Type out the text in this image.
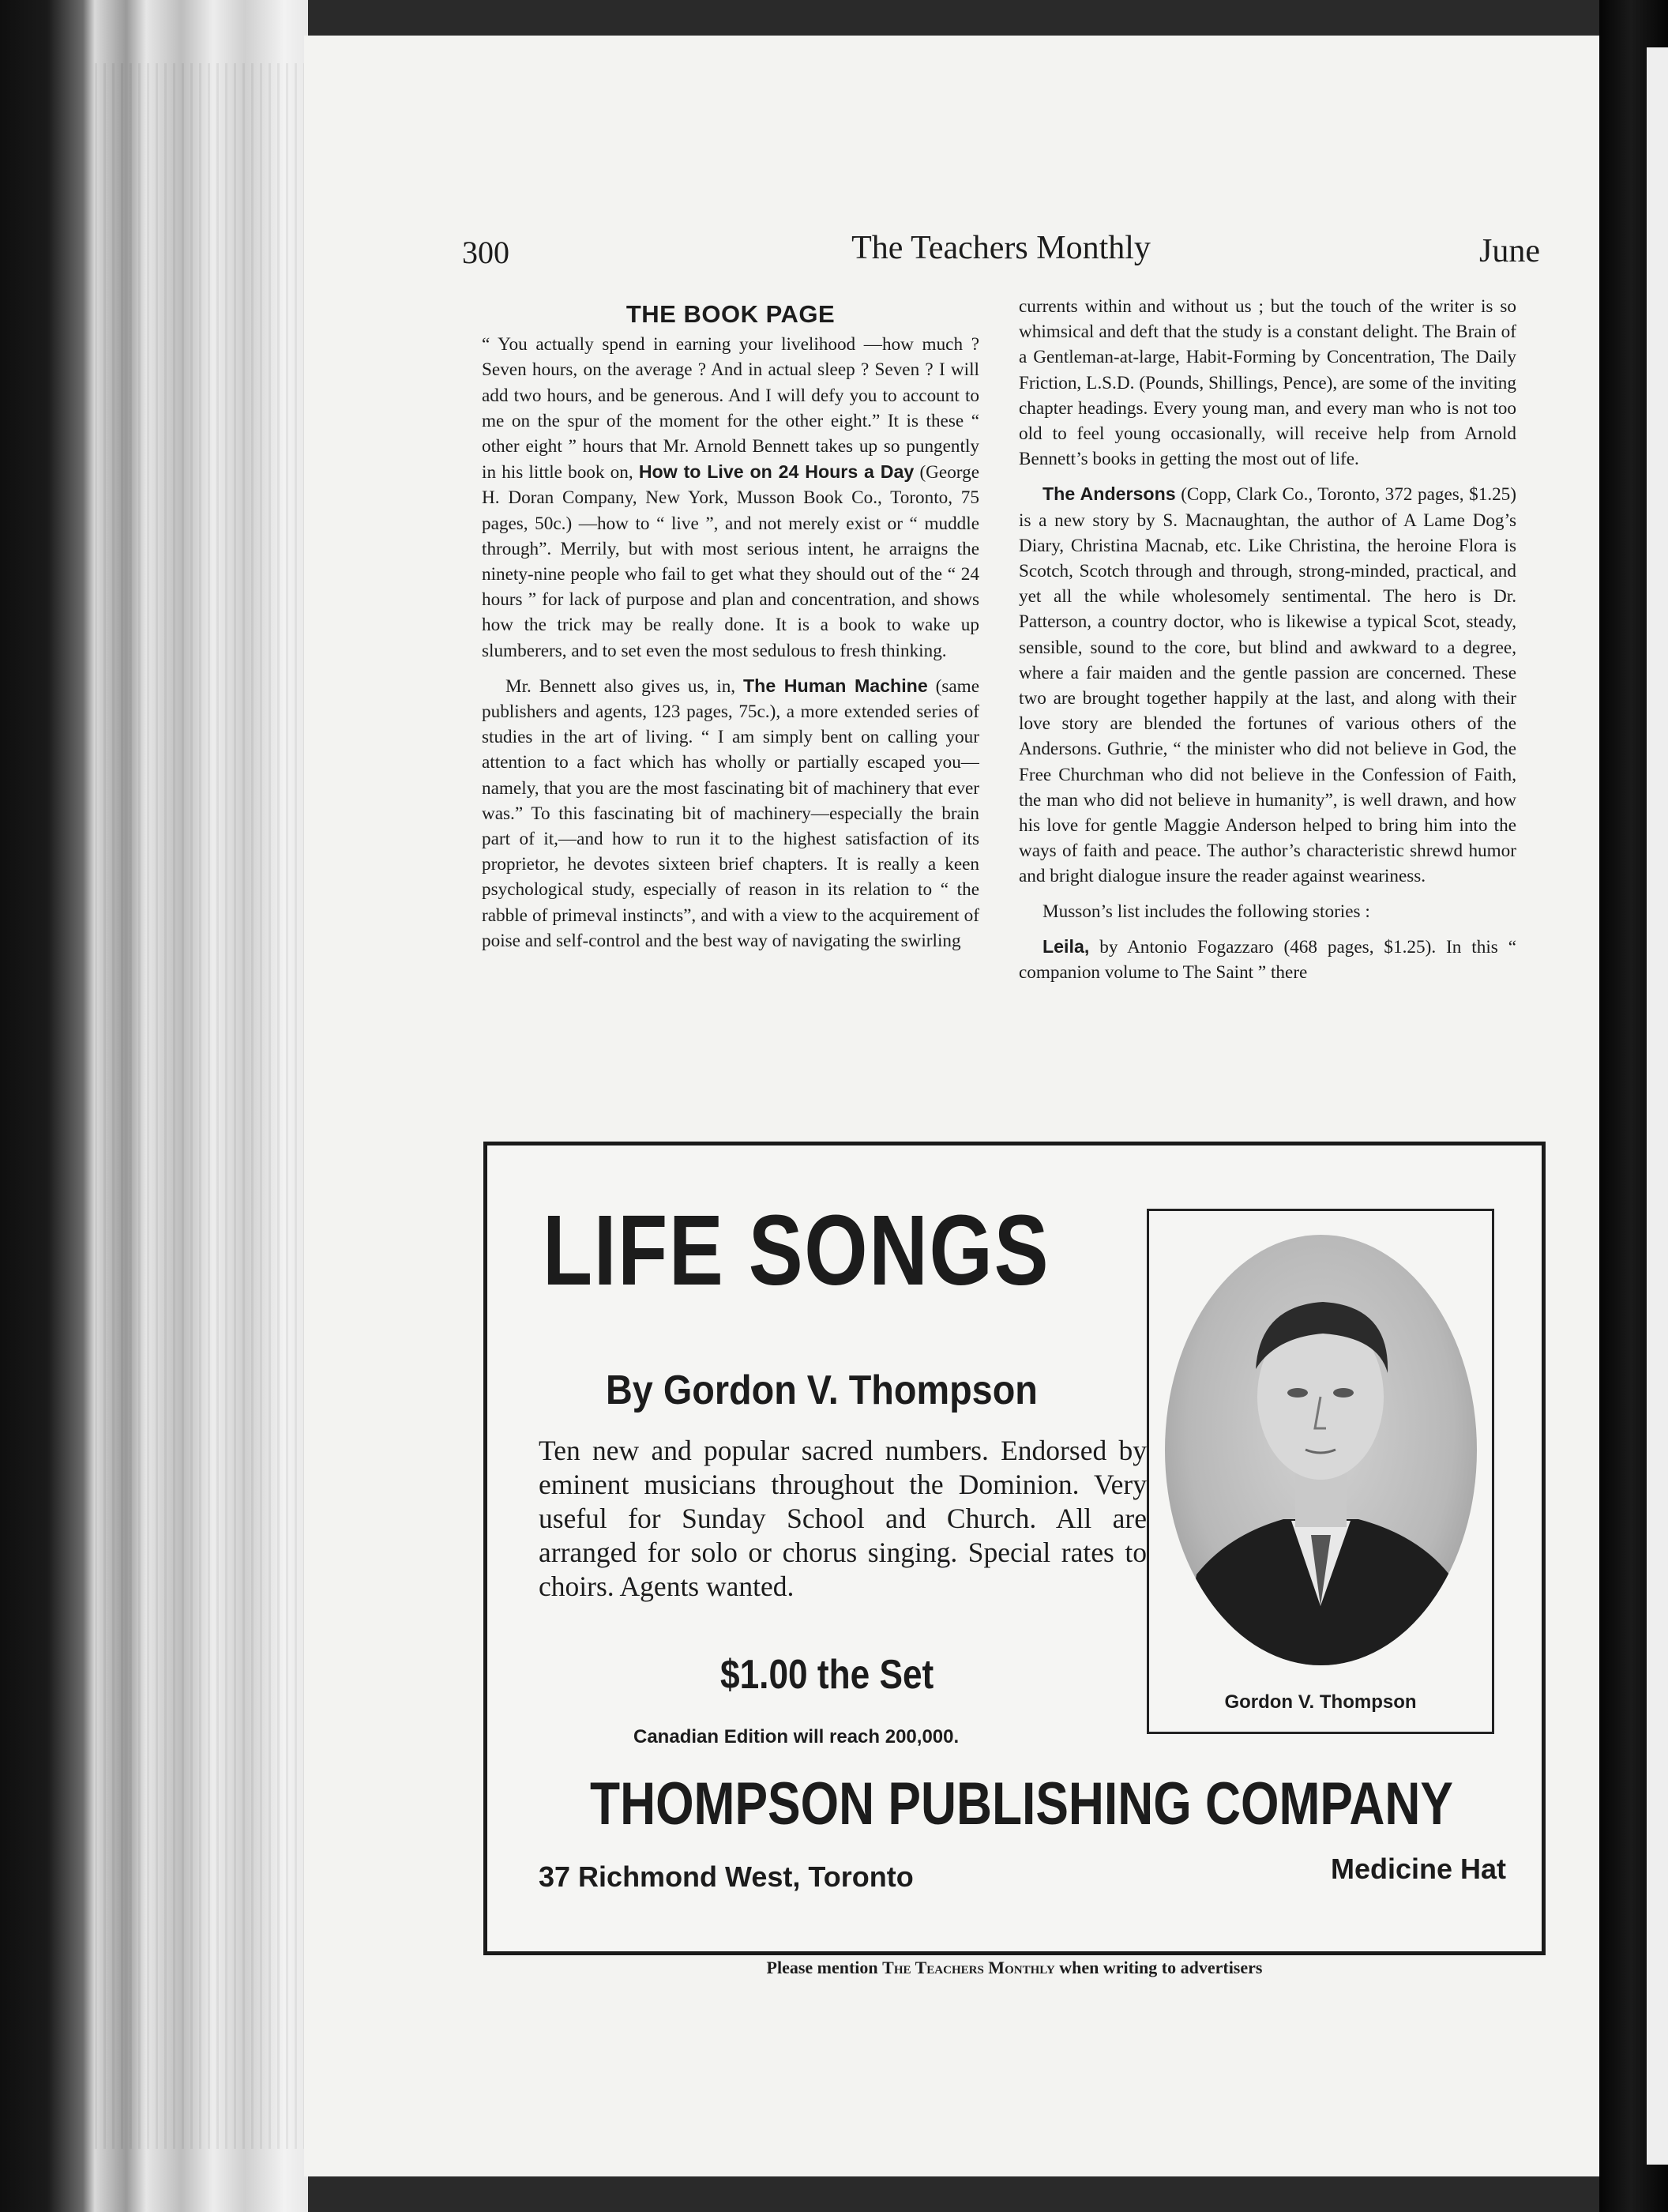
300	The Teachers Monthly	June
THE BOOK PAGE

“ You actually spend in earning your livelihood —how much ? Seven hours, on the average ? And in actual sleep ? Seven ? I will add two hours, and be generous. And I will defy you to account to me on the spur of the moment for the other eight.” It is these “ other eight ” hours that Mr. Arnold Bennett takes up so pungently in his little book on, How to Live on 24 Hours a Day (George H. Doran Company, New York, Musson Book Co., Toronto, 75 pages, 50c.) —how to “ live ”, and not merely exist or “ muddle through”. Merrily, but with most serious intent, he arraigns the ninety-nine people who fail to get what they should out of the “ 24 hours ” for lack of purpose and plan and concentration, and shows how the trick may be really done. It is a book to wake up slumberers, and to set even the most sedulous to fresh thinking.

Mr. Bennett also gives us, in, The Human Machine (same publishers and agents, 123 pages, 75c.), a more extended series of studies in the art of living. “ I am simply bent on calling your attention to a fact which has wholly or partially escaped you—namely, that you are the most fascinating bit of machinery that ever was.” To this fascinating bit of machinery—especially the brain part of it,—and how to run it to the highest satisfaction of its proprietor, he devotes sixteen brief chapters. It is really a keen psychological study, especially of reason in its relation to “ the rabble of primeval instincts”, and with a view to the acquirement of poise and self-control and the best way of navigating the swirling

currents within and without us ; but the touch of the writer is so whimsical and deft that the study is a constant delight. The Brain of a Gentleman-at-large, Habit-Forming by Concentration, The Daily Friction, L.S.D. (Pounds, Shillings, Pence), are some of the inviting chapter headings. Every young man, and every man who is not too old to feel young occasionally, will receive help from Arnold Bennett’s books in getting the most out of life.

The Andersons (Copp, Clark Co., Toronto, 372 pages, $1.25) is a new story by S. Macnaughtan, the author of A Lame Dog’s Diary, Christina Macnab, etc. Like Christina, the heroine Flora is Scotch, Scotch through and through, strong-minded, practical, and yet all the while wholesomely sentimental. The hero is Dr. Patterson, a country doctor, who is likewise a typical Scot, steady, sensible, sound to the core, but blind and awkward to a degree, where a fair maiden and the gentle passion are concerned. These two are brought together happily at the last, and along with their love story are blended the fortunes of various others of the Andersons. Guthrie, “ the minister who did not believe in God, the Free Churchman who did not believe in the Confession of Faith, the man who did not believe in humanity”, is well drawn, and how his love for gentle Maggie Anderson helped to bring him into the ways of faith and peace. The author’s characteristic shrewd humor and bright dialogue insure the reader against weariness.

Musson’s list includes the following stories :

Leila, by Antonio Fogazzaro (468 pages, $1.25). In this “ companion volume to The Saint ” there

LIFE SONGS
By Gordon V. Thompson
Ten new and popular sacred numbers. Endorsed by eminent musicians throughout the Dominion. Very useful for Sunday School and Church. All are arranged for solo or chorus singing. Special rates to choirs. Agents wanted.
$1.00 the Set
Canadian Edition will reach 200,000.
Gordon V. Thompson
THOMPSON PUBLISHING COMPANY
37 Richmond West, Toronto	Medicine Hat
Please mention The Teachers Monthly when writing to advertisers
